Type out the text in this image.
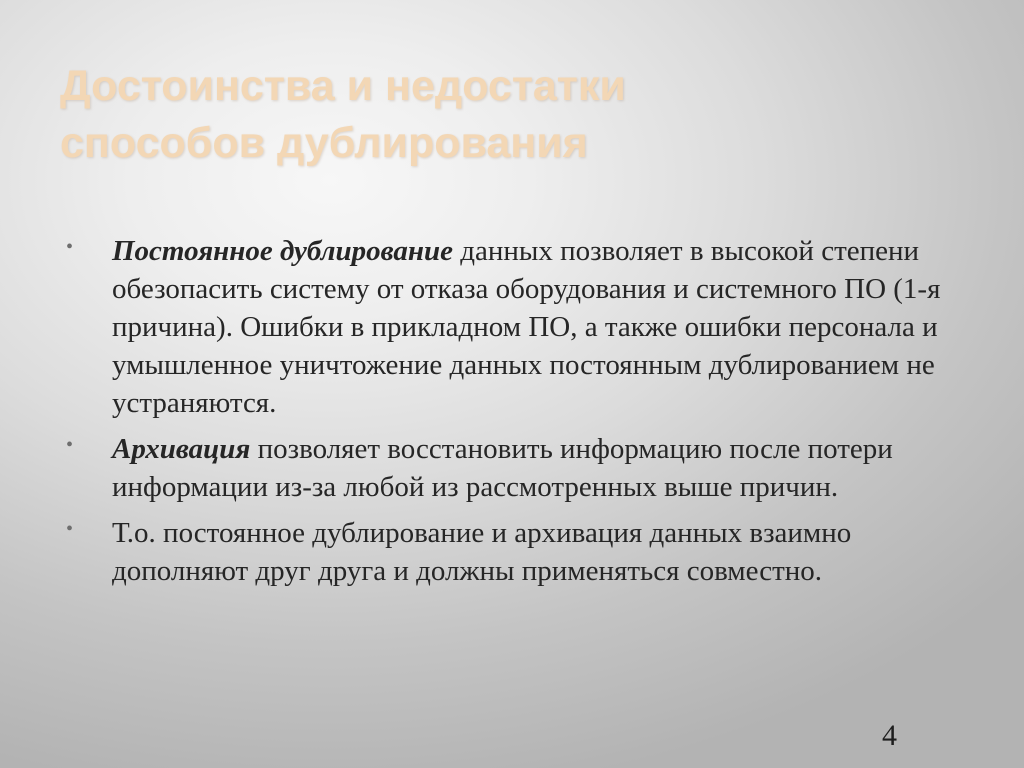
Достоинства и недостатки
способов дублирования
• Постоянное дублирование данных позволяет в высокой степени обезопасить систему от отказа оборудования и системного ПО (1-я причина). Ошибки в прикладном ПО, а также ошибки персонала и умышленное уничтожение данных постоянным дублированием не устраняются.
• Архивация позволяет восстановить информацию после потери информации из-за любой из рассмотренных выше причин.
• Т.о. постоянное дублирование и архивация данных взаимно дополняют друг друга и должны применяться совместно.
4
